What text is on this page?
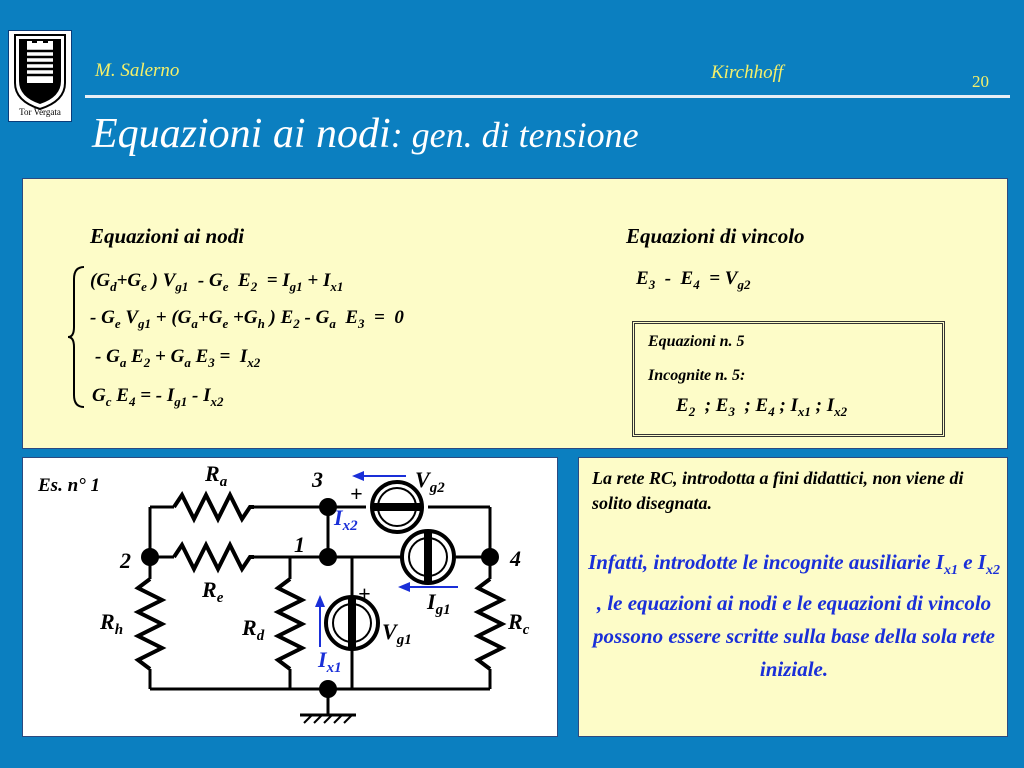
Tor Vergata
M. Salerno	Kirchhoff	20
Equazioni ai nodi: gen. di tensione
Equazioni ai nodi	Equazioni di vincolo
($G_d+G_e$ ) $V_{g1} - G_e$  $E_2 = I_{g1} + I_{x1}$
- $G_e$ $V_{g1} + (G_a+G_e +G_h$ ) $E_2 - G_a$  $E_3 = 0$
- $G_a$ $E_2 + G_a$ $E_3 = I_{x2}$
$G_c$ $E_4$ = - $I_{g1} - I_{x2}$
$E_3 - E_4 = V_{g2}$
Equazioni n. 5
Incognite n. 5:
$E_2$  ; $E_3$  ; $E_4$ ; $I_{x1}$ ; $I_{x2}$
Es. n° 1	3
1
2	4
$R_a$
$R_e$
$R_h$	$R_d$
$R_c$
$V_{g2}$
$I_{g1}$
$V_{g1}$
$I_{x2}$
$I_{x1}$
+
+
La rete RC, introdotta a fini didattici, non viene di solito disegnata.
Infatti, introdotte le incognite ausiliarie $I_{x1}$ e $I_{x2}$ , le equazioni ai nodi e le equazioni di vincolo possono essere scritte sulla base della sola rete iniziale.
